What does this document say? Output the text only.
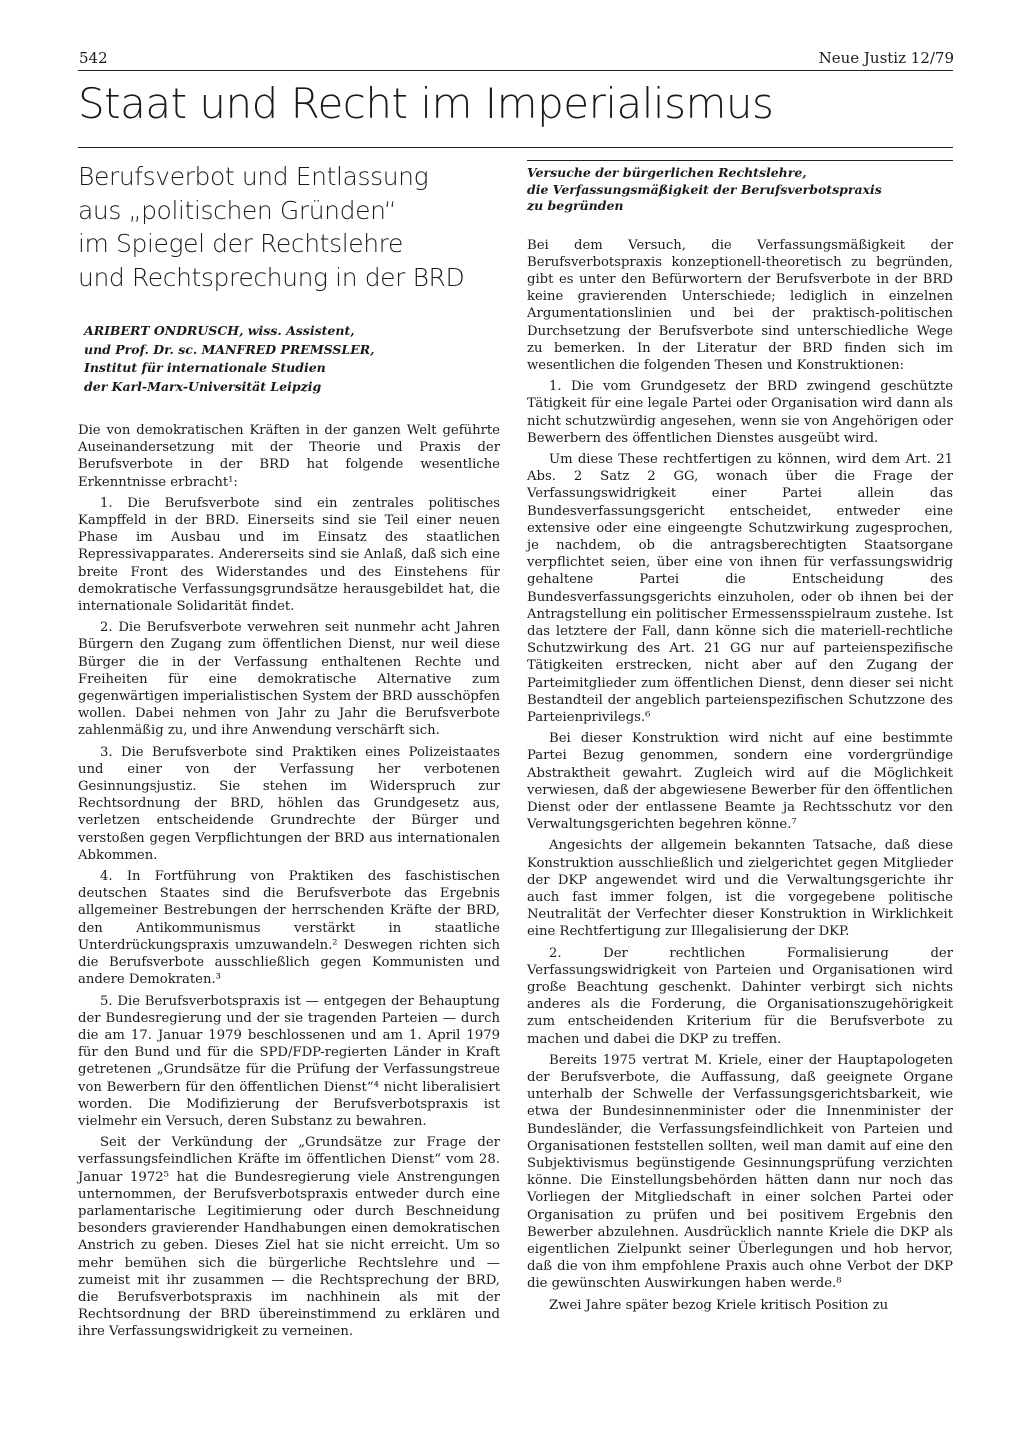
542	Neue Justiz 12/79
Staat und Recht im Imperialismus
Berufsverbot und Entlassung
aus „politischen Gründen“
im Spiegel der Rechtslehre
und Rechtsprechung in der BRD
ARIBERT ONDRUSCH, wiss. Assistent,
und Prof. Dr. sc. MANFRED PREMSSLER,
Institut für internationale Studien
der Karl-Marx-Universität Leipzig

Die von demokratischen Kräften in der ganzen Welt geführte Auseinandersetzung mit der Theorie und Praxis der Berufsverbote in der BRD hat folgende wesentliche Erkenntnisse erbracht¹:

1. Die Berufsverbote sind ein zentrales politisches Kampffeld in der BRD. Einerseits sind sie Teil einer neuen Phase im Ausbau und im Einsatz des staatlichen Repressivapparates. Andererseits sind sie Anlaß, daß sich eine breite Front des Widerstandes und des Einstehens für demokratische Verfassungsgrundsätze herausgebildet hat, die internationale Solidarität findet.

2. Die Berufsverbote verwehren seit nunmehr acht Jahren Bürgern den Zugang zum öffentlichen Dienst, nur weil diese Bürger die in der Verfassung enthaltenen Rechte und Freiheiten für eine demokratische Alternative zum gegenwärtigen imperialistischen System der BRD ausschöpfen wollen. Dabei nehmen von Jahr zu Jahr die Berufsverbote zahlenmäßig zu, und ihre Anwendung verschärft sich.

3. Die Berufsverbote sind Praktiken eines Polizeistaates und einer von der Verfassung her verbotenen Gesinnungsjustiz. Sie stehen im Widerspruch zur Rechtsordnung der BRD, höhlen das Grundgesetz aus, verletzen entscheidende Grundrechte der Bürger und verstoßen gegen Verpflichtungen der BRD aus internationalen Abkommen.

4. In Fortführung von Praktiken des faschistischen deutschen Staates sind die Berufsverbote das Ergebnis allgemeiner Bestrebungen der herrschenden Kräfte der BRD, den Antikommunismus verstärkt in staatliche Unterdrückungspraxis umzuwandeln.² Deswegen richten sich die Berufsverbote ausschließlich gegen Kommunisten und andere Demokraten.³

5. Die Berufsverbotspraxis ist — entgegen der Behauptung der Bundesregierung und der sie tragenden Parteien — durch die am 17. Januar 1979 beschlossenen und am 1. April 1979 für den Bund und für die SPD/FDP-regierten Länder in Kraft getretenen „Grundsätze für die Prüfung der Verfassungstreue von Bewerbern für den öffentlichen Dienst“⁴ nicht liberalisiert worden. Die Modifizierung der Berufsverbotspraxis ist vielmehr ein Versuch, deren Substanz zu bewahren.

Seit der Verkündung der „Grundsätze zur Frage der verfassungsfeindlichen Kräfte im öffentlichen Dienst“ vom 28. Januar 1972⁵ hat die Bundesregierung viele Anstrengungen unternommen, der Berufsverbotspraxis entweder durch eine parlamentarische Legitimierung oder durch Beschneidung besonders gravierender Handhabungen einen demokratischen Anstrich zu geben. Dieses Ziel hat sie nicht erreicht. Um so mehr bemühen sich die bürgerliche Rechtslehre und — zumeist mit ihr zusammen — die Rechtsprechung der BRD, die Berufsverbotspraxis im nachhinein als mit der Rechtsordnung der BRD übereinstimmend zu erklären und ihre Verfassungswidrigkeit zu verneinen.

Versuche der bürgerlichen Rechtslehre,
die Verfassungsmäßigkeit der Berufsverbotspraxis
zu begründen

Bei dem Versuch, die Verfassungsmäßigkeit der Berufsverbotspraxis konzeptionell-theoretisch zu begründen, gibt es unter den Befürwortern der Berufsverbote in der BRD keine gravierenden Unterschiede; lediglich in einzelnen Argumentationslinien und bei der praktisch-politischen Durchsetzung der Berufsverbote sind unterschiedliche Wege zu bemerken. In der Literatur der BRD finden sich im wesentlichen die folgenden Thesen und Konstruktionen:

1. Die vom Grundgesetz der BRD zwingend geschützte Tätigkeit für eine legale Partei oder Organisation wird dann als nicht schutzwürdig angesehen, wenn sie von Angehörigen oder Bewerbern des öffentlichen Dienstes ausgeübt wird.

Um diese These rechtfertigen zu können, wird dem Art. 21 Abs. 2 Satz 2 GG, wonach über die Frage der Verfassungswidrigkeit einer Partei allein das Bundesverfassungsgericht entscheidet, entweder eine extensive oder eine eingeengte Schutzwirkung zugesprochen, je nachdem, ob die antragsberechtigten Staatsorgane verpflichtet seien, über eine von ihnen für verfassungswidrig gehaltene Partei die Entscheidung des Bundesverfassungsgerichts einzuholen, oder ob ihnen bei der Antragstellung ein politischer Ermessensspielraum zustehe. Ist das letztere der Fall, dann könne sich die materiell-rechtliche Schutzwirkung des Art. 21 GG nur auf parteienspezifische Tätigkeiten erstrecken, nicht aber auf den Zugang der Parteimitglieder zum öffentlichen Dienst, denn dieser sei nicht Bestandteil der angeblich parteienspezifischen Schutzzone des Parteienprivilegs.⁶

Bei dieser Konstruktion wird nicht auf eine bestimmte Partei Bezug genommen, sondern eine vordergründige Abstraktheit gewahrt. Zugleich wird auf die Möglichkeit verwiesen, daß der abgewiesene Bewerber für den öffentlichen Dienst oder der entlassene Beamte ja Rechtsschutz vor den Verwaltungsgerichten begehren könne.⁷

Angesichts der allgemein bekannten Tatsache, daß diese Konstruktion ausschließlich und zielgerichtet gegen Mitglieder der DKP angewendet wird und die Verwaltungsgerichte ihr auch fast immer folgen, ist die vorgegebene politische Neutralität der Verfechter dieser Konstruktion in Wirklichkeit eine Rechtfertigung zur Illegalisierung der DKP.

2. Der rechtlichen Formalisierung der Verfassungswidrigkeit von Parteien und Organisationen wird große Beachtung geschenkt. Dahinter verbirgt sich nichts anderes als die Forderung, die Organisationszugehörigkeit zum entscheidenden Kriterium für die Berufsverbote zu machen und dabei die DKP zu treffen.

Bereits 1975 vertrat M. Kriele, einer der Hauptapologeten der Berufsverbote, die Auffassung, daß geeignete Organe unterhalb der Schwelle der Verfassungsgerichtsbarkeit, wie etwa der Bundesinnenminister oder die Innenminister der Bundesländer, die Verfassungsfeindlichkeit von Parteien und Organisationen feststellen sollten, weil man damit auf eine den Subjektivismus begünstigende Gesinnungsprüfung verzichten könne. Die Einstellungsbehörden hätten dann nur noch das Vorliegen der Mitgliedschaft in einer solchen Partei oder Organisation zu prüfen und bei positivem Ergebnis den Bewerber abzulehnen. Ausdrücklich nannte Kriele die DKP als eigentlichen Zielpunkt seiner Überlegungen und hob hervor, daß die von ihm empfohlene Praxis auch ohne Verbot der DKP die gewünschten Auswirkungen haben werde.⁸

Zwei Jahre später bezog Kriele kritisch Position zu
